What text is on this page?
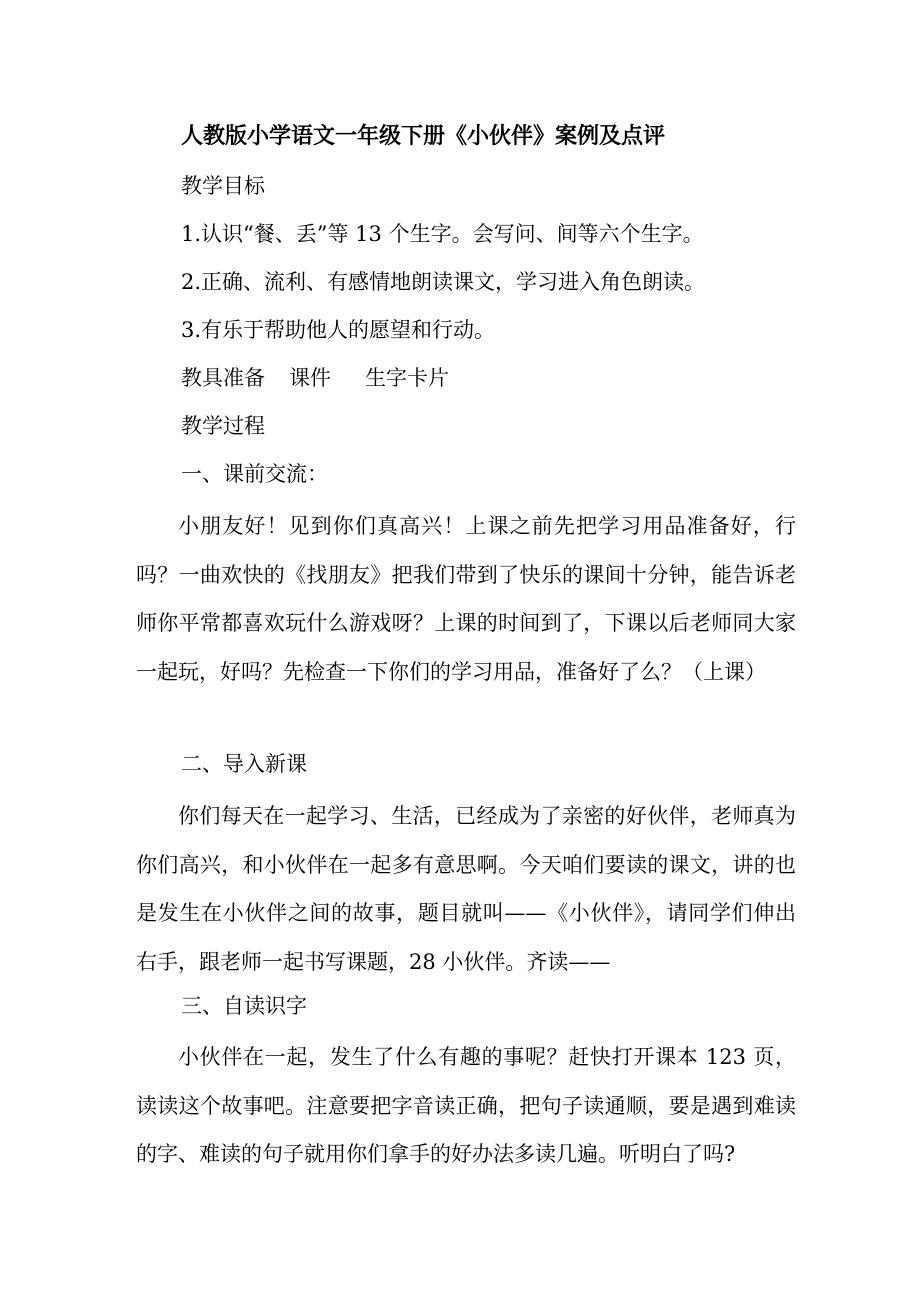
人教版小学语文一年级下册《小伙伴》案例及点评
教学目标
1.认识“餐、丢”等 13 个生字。会写问、间等六个生字。
2.正确、流利、有感情地朗读课文，学习进入角色朗读。
3.有乐于帮助他人的愿望和行动。
教具准备 课件 生字卡片
教学过程
一、课前交流：
小朋友好！见到你们真高兴！上课之前先把学习用品准备好，行吗？一曲欢快的《找朋友》把我们带到了快乐的课间十分钟，能告诉老师你平常都喜欢玩什么游戏呀？上课的时间到了，下课以后老师同大家一起玩，好吗？先检查一下你们的学习用品，准备好了么？（上课）
二、导入新课
你们每天在一起学习、生活，已经成为了亲密的好伙伴，老师真为你们高兴，和小伙伴在一起多有意思啊。今天咱们要读的课文，讲的也是发生在小伙伴之间的故事，题目就叫——《小伙伴》，请同学们伸出右手，跟老师一起书写课题，28 小伙伴。齐读——
三、自读识字
小伙伴在一起，发生了什么有趣的事呢？赶快打开课本 123 页，读读这个故事吧。注意要把字音读正确，把句子读通顺，要是遇到难读的字、难读的句子就用你们拿手的好办法多读几遍。听明白了吗?
